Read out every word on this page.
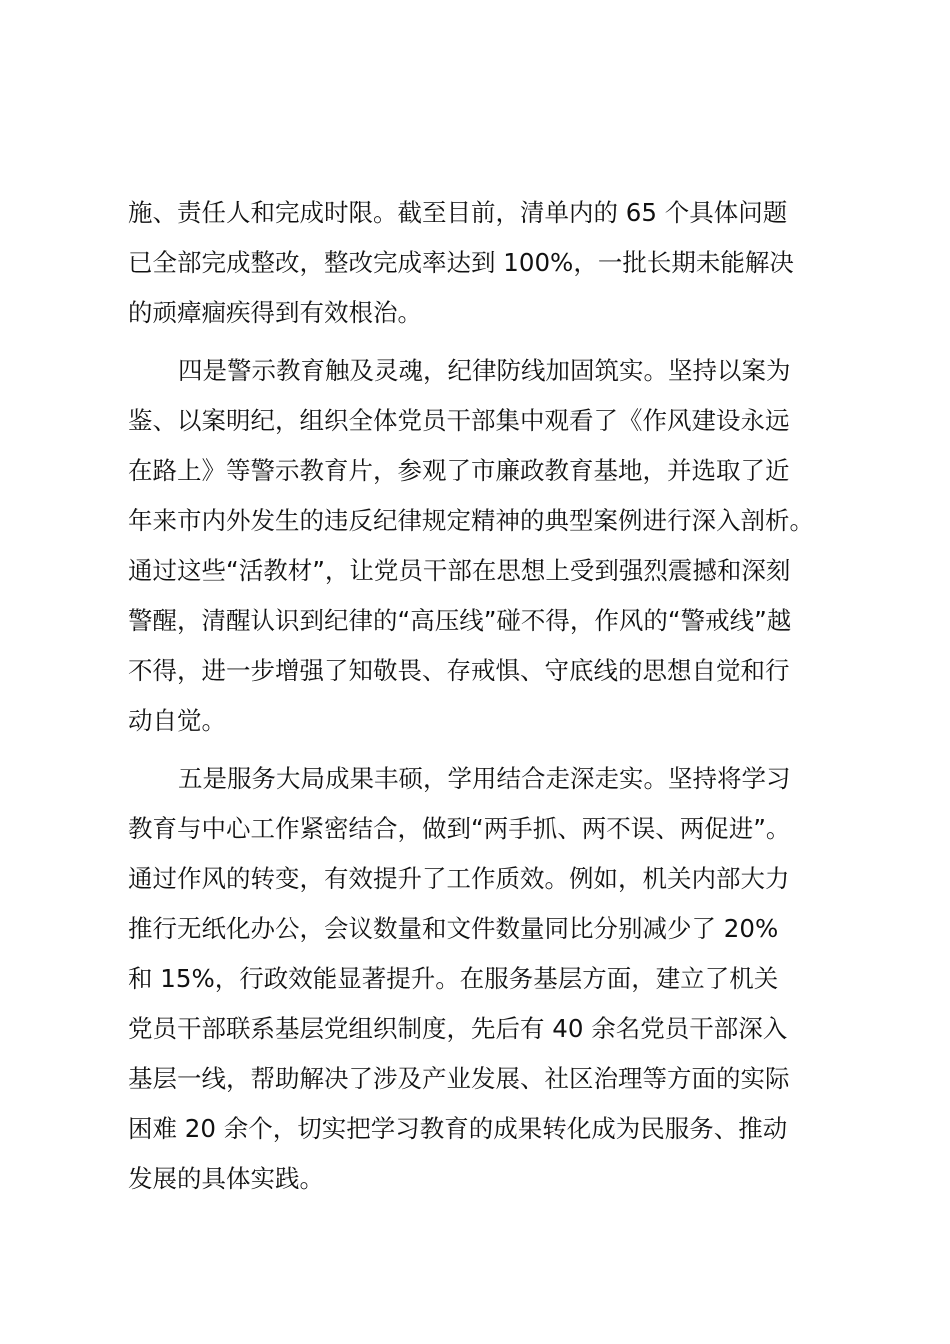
施、责任人和完成时限。截至目前，清单内的 65 个具体问题
已全部完成整改，整改完成率达到 100%，一批长期未能解决
的顽瘴痼疾得到有效根治。
四是警示教育触及灵魂，纪律防线加固筑实。坚持以案为
鉴、以案明纪，组织全体党员干部集中观看了《作风建设永远
在路上》等警示教育片，参观了市廉政教育基地，并选取了近
年来市内外发生的违反纪律规定精神的典型案例进行深入剖析。
通过这些“活教材”，让党员干部在思想上受到强烈震撼和深刻
警醒，清醒认识到纪律的“高压线”碰不得，作风的“警戒线”越
不得，进一步增强了知敬畏、存戒惧、守底线的思想自觉和行
动自觉。
五是服务大局成果丰硕，学用结合走深走实。坚持将学习
教育与中心工作紧密结合，做到“两手抓、两不误、两促进”。
通过作风的转变，有效提升了工作质效。例如，机关内部大力
推行无纸化办公，会议数量和文件数量同比分别减少了 20%
和 15%，行政效能显著提升。在服务基层方面，建立了机关
党员干部联系基层党组织制度，先后有 40 余名党员干部深入
基层一线，帮助解决了涉及产业发展、社区治理等方面的实际
困难 20 余个，切实把学习教育的成果转化成为民服务、推动
发展的具体实践。
